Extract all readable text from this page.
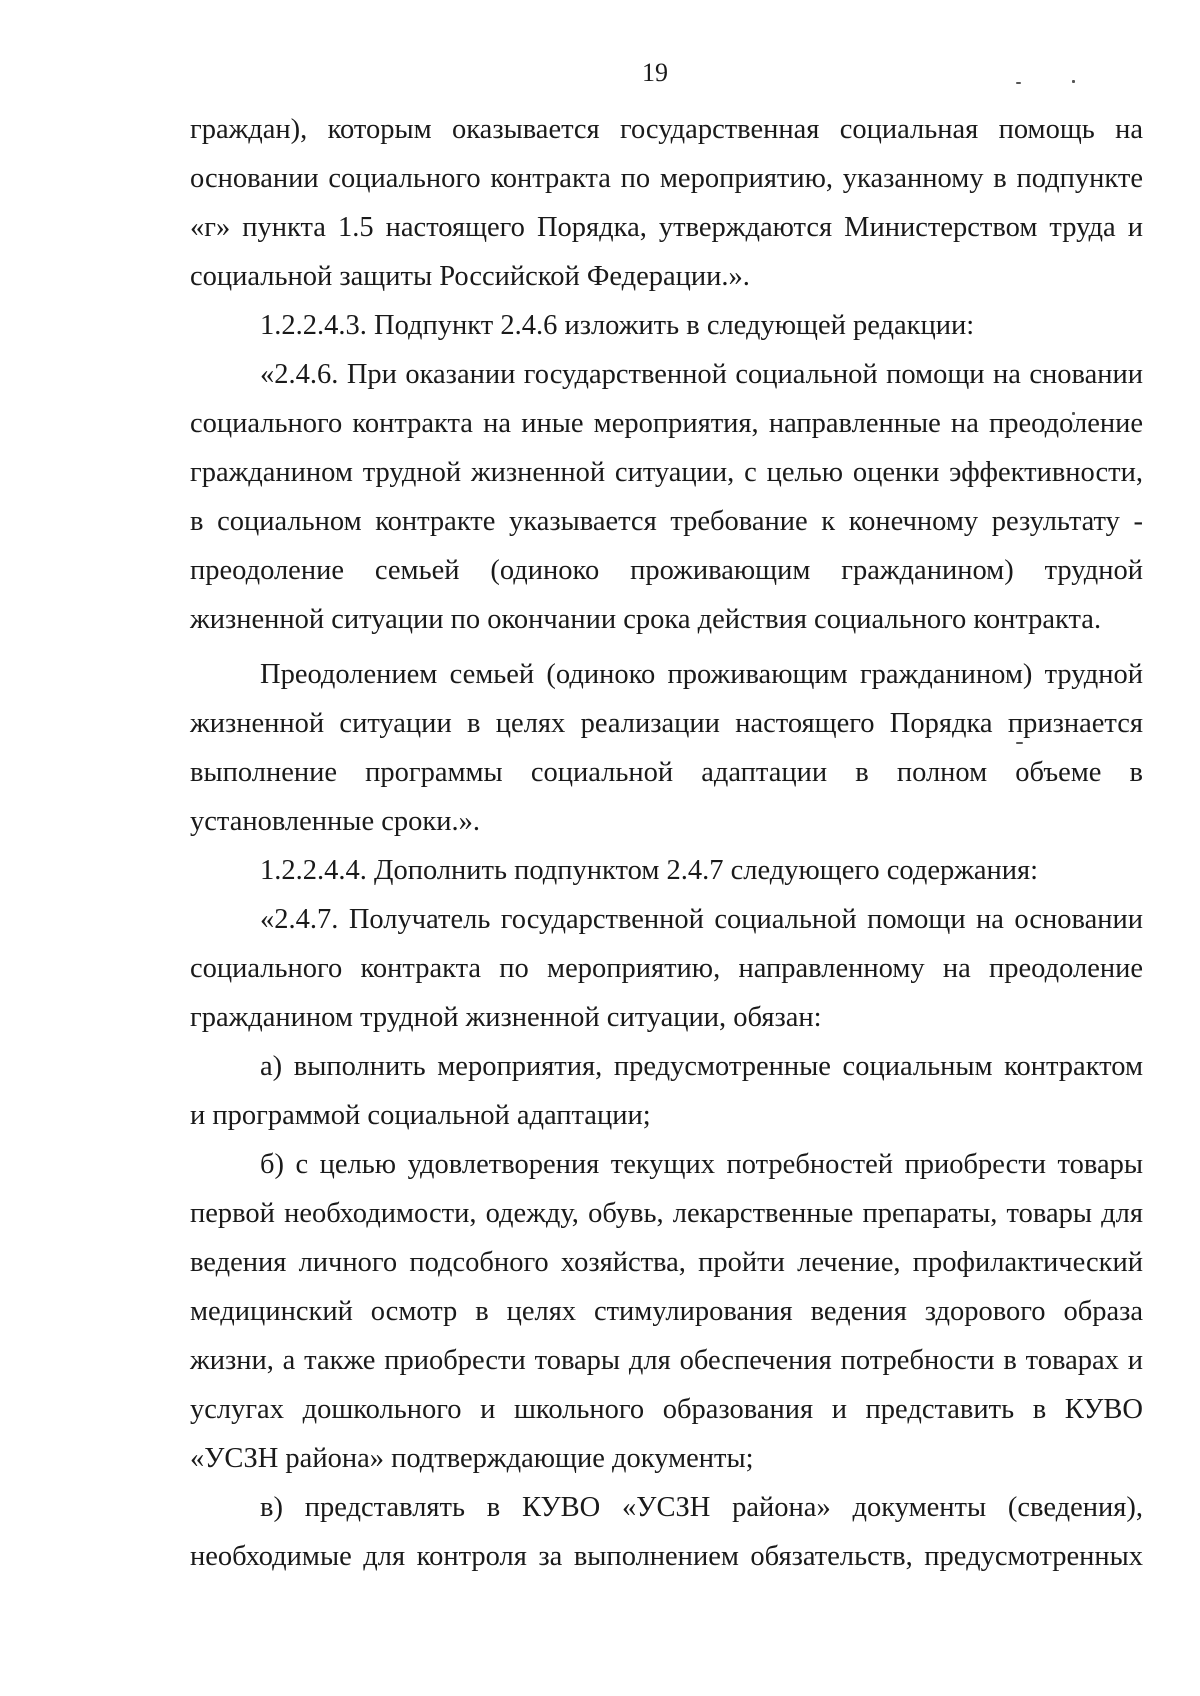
19
граждан), которым оказывается государственная социальная помощь на
основании социального контракта по мероприятию, указанному в подпункте
«г» пункта 1.5 настоящего Порядка, утверждаются Министерством труда и
социальной защиты Российской Федерации.».
1.2.2.4.3. Подпункт 2.4.6 изложить в следующей редакции:
«2.4.6. При оказании государственной социальной помощи на сновании
социального контракта на иные мероприятия, направленные на преодоление
гражданином трудной жизненной ситуации, с целью оценки эффективности,
в социальном контракте указывается требование к конечному результату -
преодоление семьей (одиноко проживающим гражданином) трудной
жизненной ситуации по окончании срока действия социального контракта.
Преодолением семьей (одиноко проживающим гражданином) трудной
жизненной ситуации в целях реализации настоящего Порядка признается
выполнение программы социальной адаптации в полном объеме в
установленные сроки.».
1.2.2.4.4. Дополнить подпунктом 2.4.7 следующего содержания:
«2.4.7. Получатель государственной социальной помощи на основании
социального контракта по мероприятию, направленному на преодоление
гражданином трудной жизненной ситуации, обязан:
а) выполнить мероприятия, предусмотренные социальным контрактом
и программой социальной адаптации;
б) с целью удовлетворения текущих потребностей приобрести товары
первой необходимости, одежду, обувь, лекарственные препараты, товары для
ведения личного подсобного хозяйства, пройти лечение, профилактический
медицинский осмотр в целях стимулирования ведения здорового образа
жизни, а также приобрести товары для обеспечения потребности в товарах и
услугах дошкольного и школьного образования и представить в КУВО
«УСЗН района» подтверждающие документы;
в) представлять в КУВО «УСЗН района» документы (сведения),
необходимые для контроля за выполнением обязательств, предусмотренных
